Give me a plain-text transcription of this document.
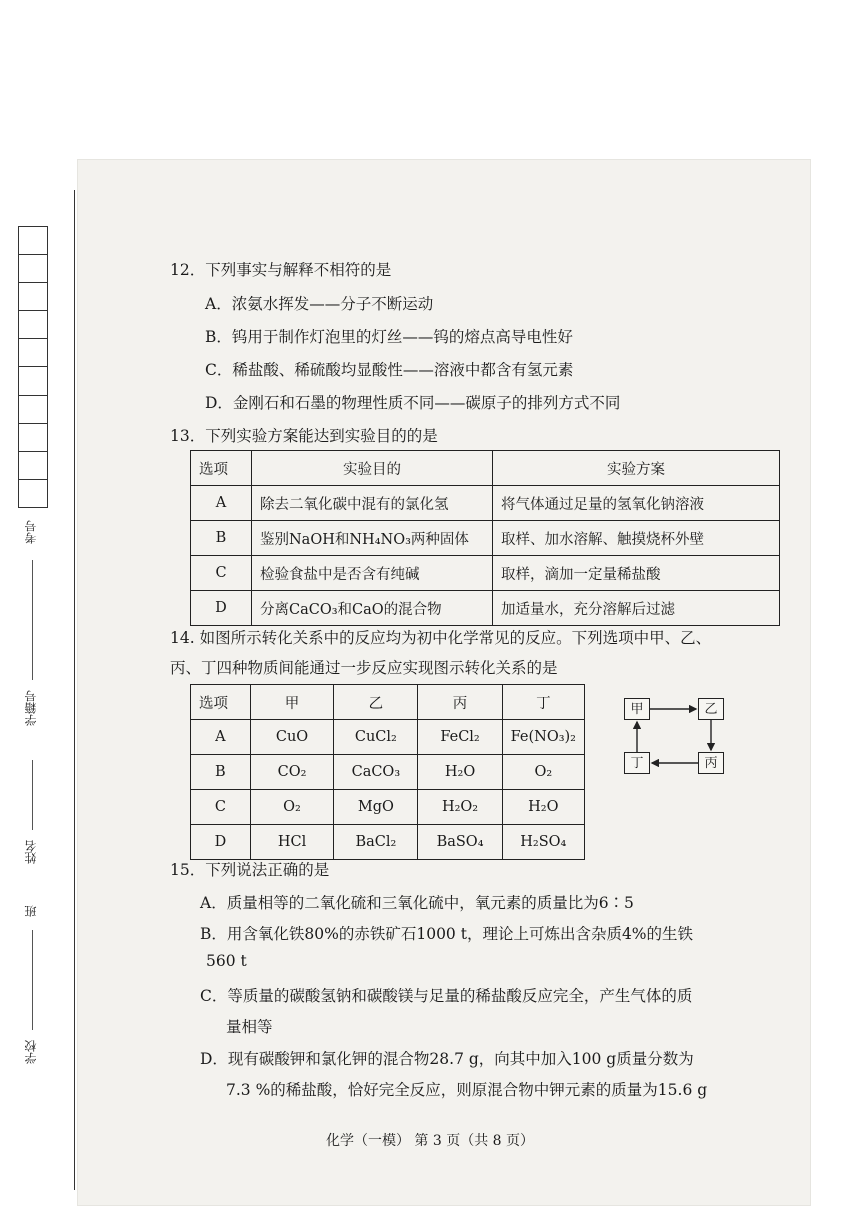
学校
姓名
班
学籍号
考号
12．下列事实与解释不相符的是
A．浓氨水挥发——分子不断运动
B．钨用于制作灯泡里的灯丝——钨的熔点高导电性好
C．稀盐酸、稀硫酸均显酸性——溶液中都含有氢元素
D．金刚石和石墨的物理性质不同——碳原子的排列方式不同
13．下列实验方案能达到实验目的的是
选项	实验目的	实验方案
A	除去二氧化碳中混有的氯化氢	将气体通过足量的氢氧化钠溶液
B	鉴别NaOH和NH₄NO₃两种固体	取样、加水溶解、触摸烧杯外壁
C	检验食盐中是否含有纯碱	取样，滴加一定量稀盐酸
D	分离CaCO₃和CaO的混合物	加适量水，充分溶解后过滤
14. 如图所示转化关系中的反应均为初中化学常见的反应。下列选项中甲、乙、
丙、丁四种物质间能通过一步反应实现图示转化关系的是
选项	甲	乙	丙	丁
A	CuO	CuCl₂	FeCl₂	Fe(NO₃)₂
B	CO₂	CaCO₃	H₂O	O₂
C	O₂	MgO	H₂O₂	H₂O
D	HCl	BaCl₂	BaSO₄	H₂SO₄
甲	乙
丙
丁
15．下列说法正确的是
A．质量相等的二氧化硫和三氧化硫中，氧元素的质量比为6∶5
B．用含氧化铁80%的赤铁矿石1000 t，理论上可炼出含杂质4%的生铁
560 t
C．等质量的碳酸氢钠和碳酸镁与足量的稀盐酸反应完全，产生气体的质
量相等
D．现有碳酸钾和氯化钾的混合物28.7 g，向其中加入100 g质量分数为
7.3 %的稀盐酸，恰好完全反应，则原混合物中钾元素的质量为15.6 g
化学（一模） 第 3 页（共 8 页）
